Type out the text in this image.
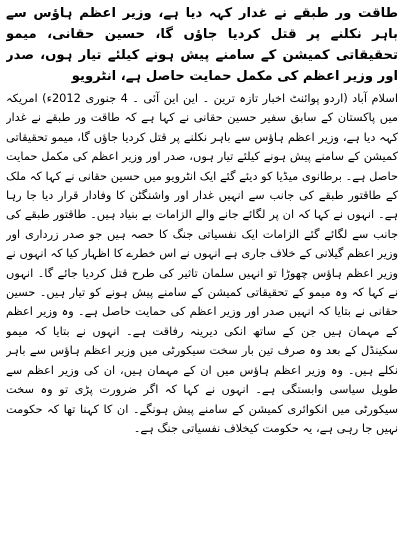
طاقت ور طبقے نے غدار کہہ دیا ہے، وزیر اعظم ہاؤس سے باہر نکلنے پر قتل کردیا جاؤں گا، حسین حقانی، میمو تحقیقاتی کمیشن کے سامنے پیش ہونے کیلئے تیار ہوں، صدر اور وزیر اعظم کی مکمل حمایت حاصل ہے، انٹرویو

اسلام آباد (اردو پوائنٹ اخبار تازہ ترین ۔ این این آئی ۔ 4 جنوری 2012ء) امریکہ میں پاکستان کے سابق سفیر حسین حقانی نے کہا ہے کہ طاقت ور طبقے نے غدار کہہ دیا ہے، وزیر اعظم ہاؤس سے باہر نکلنے پر قتل کردیا جاؤں گا، میمو تحقیقاتی کمیشن کے سامنے پیش ہونے کیلئے تیار ہوں، صدر اور وزیر اعظم کی مکمل حمایت حاصل ہے۔ برطانوی میڈیا کو دیئے گئے ایک انٹرویو میں حسین حقانی نے کہا کہ ملک کے طاقتور طبقے کی جانب سے انہیں غدار اور واشنگٹن کا وفادار قرار دیا جا رہا ہے۔ انہوں نے کہا کہ ان پر لگائے جانے والے الزامات بے بنیاد ہیں۔ طاقتور طبقے کی جانب سے لگائے گئے الزامات ایک نفسیاتی جنگ کا حصہ ہیں جو صدر زرداری اور وزیر اعظم گیلانی کے خلاف جاری ہے انہوں نے اس خطرے کا اظہار کیا کہ انہوں نے وزیر اعظم ہاؤس چھوڑا تو انہیں سلمان تاثیر کی طرح قتل کردیا جائے گا۔ انہوں نے کہا کہ وہ میمو کے تحقیقاتی کمیشن کے سامنے پیش ہونے کو تیار ہیں۔ حسین حقانی نے بتایا کہ انہیں صدر اور وزیر اعظم کی حمایت حاصل ہے۔ وہ وزیر اعظم کے مہمان ہیں جن کے ساتھ انکی دیرینہ رفاقت ہے۔ انہوں نے بتایا کہ میمو سکینڈل کے بعد وہ صرف تین بار سخت سیکورٹی میں وزیر اعظم ہاؤس سے باہر نکلے ہیں۔ وہ وزیر اعظم ہاؤس میں ان کے مہمان ہیں، ان کی وزیر اعظم سے طویل سیاسی وابستگی ہے۔ انہوں نے کہا کہ اگر ضرورت پڑی تو وہ سخت سیکورٹی میں انکوائری کمیشن کے سامنے پیش ہونگے۔ ان کا کہنا تھا کہ حکومت نہیں جا رہی ہے، یہ حکومت کیخلاف نفسیاتی جنگ ہے۔
